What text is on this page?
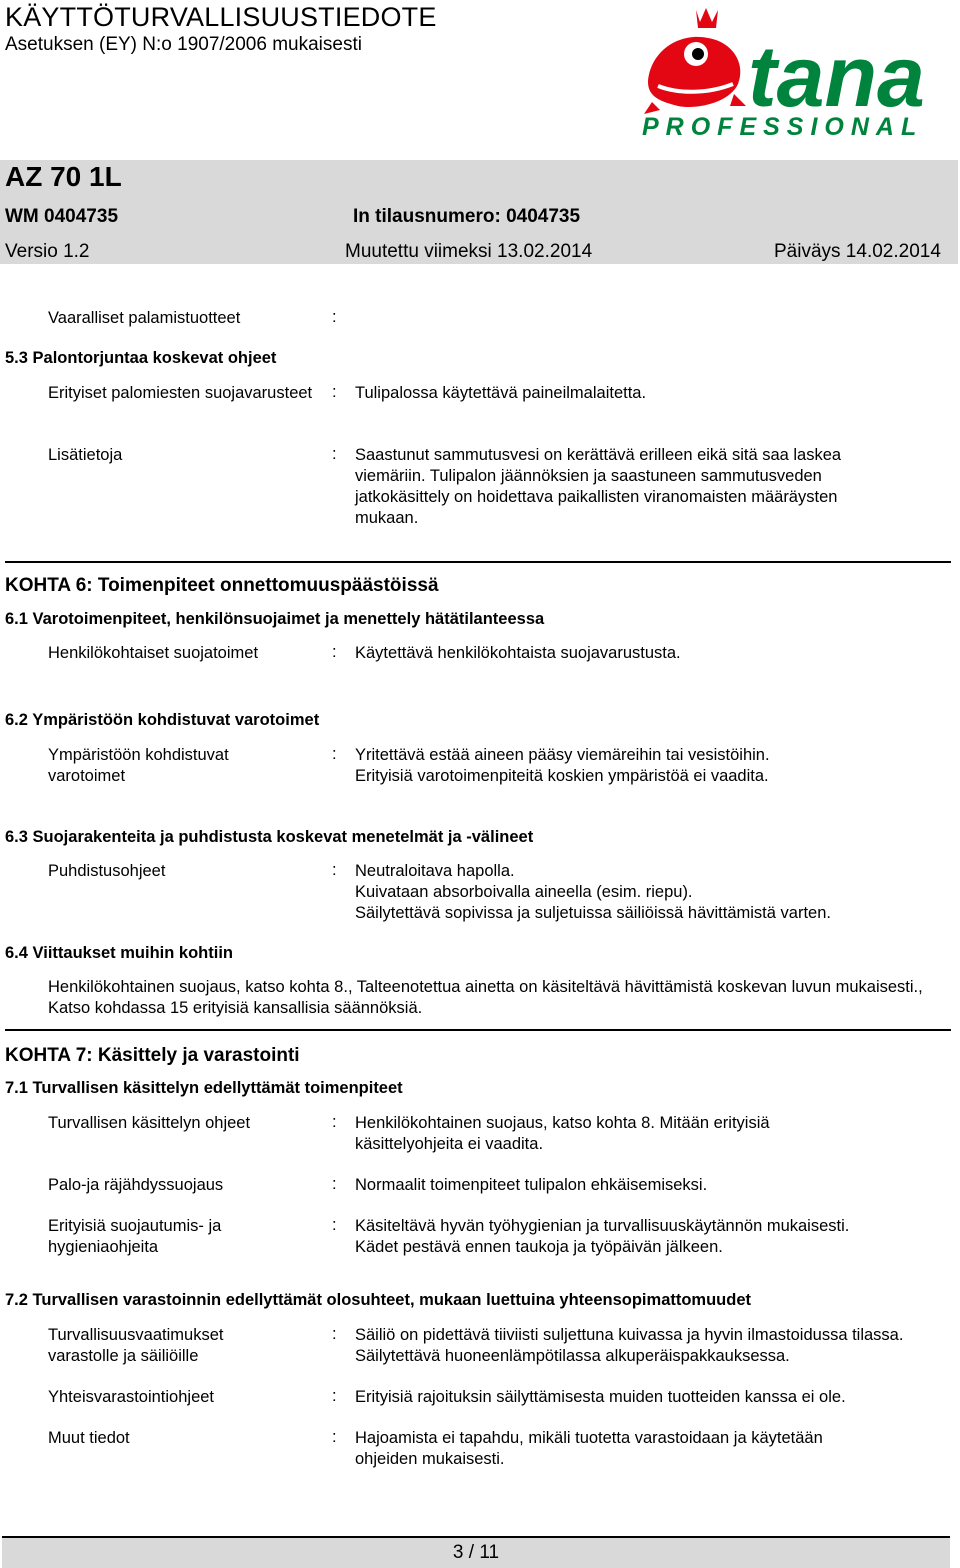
KÄYTTÖTURVALLISUUSTIEDOTE
Asetuksen (EY) N:o 1907/2006 mukaisesti	tana
PROFESSIONAL
AZ 70 1L
WM 0404735	In tilausnumero: 0404735
Versio 1.2	Muutettu viimeksi 13.02.2014	Päiväys 14.02.2014
Vaaralliset palamistuotteet	:
5.3 Palontorjuntaa koskevat ohjeet
Erityiset palomiesten suojavarusteet	: Tulipalossa käytettävä paineilmalaitetta.
Lisätietoja	: Saastunut sammutusvesi on kerättävä erilleen eikä sitä saa laskea viemäriin. Tulipalon jäännöksien ja saastuneen sammutusveden jatkokäsittely on hoidettava paikallisten viranomaisten määräysten mukaan.
KOHTA 6: Toimenpiteet onnettomuuspäästöissä
6.1 Varotoimenpiteet, henkilönsuojaimet ja menettely hätätilanteessa
Henkilökohtaiset suojatoimet	: Käytettävä henkilökohtaista suojavarustusta.
6.2 Ympäristöön kohdistuvat varotoimet
Ympäristöön kohdistuvat varotoimet
: Yritettävä estää aineen pääsy viemäreihin tai vesistöihin.
Erityisiä varotoimenpiteitä koskien ympäristöä ei vaadita.
6.3 Suojarakenteita ja puhdistusta koskevat menetelmät ja -välineet
Puhdistusohjeet	: Neutraloitava hapolla.
Kuivataan absorboivalla aineella (esim. riepu).
Säilytettävä sopivissa ja suljetuissa säiliöissä hävittämistä varten.
6.4 Viittaukset muihin kohtiin
Henkilökohtainen suojaus, katso kohta 8., Talteenotettua ainetta on käsiteltävä hävittämistä koskevan luvun mukaisesti., Katso kohdassa 15 erityisiä kansallisia säännöksiä.
KOHTA 7: Käsittely ja varastointi
7.1 Turvallisen käsittelyn edellyttämät toimenpiteet
Turvallisen käsittelyn ohjeet	: Henkilökohtainen suojaus, katso kohta 8. Mitään erityisiä käsittelyohjeita ei vaadita.
Palo-ja räjähdyssuojaus	: Normaalit toimenpiteet tulipalon ehkäisemiseksi.
Erityisiä suojautumis- ja hygieniaohjeita
: Käsiteltävä hyvän työhygienian ja turvallisuuskäytännön mukaisesti.
Kädet pestävä ennen taukoja ja työpäivän jälkeen.
7.2 Turvallisen varastoinnin edellyttämät olosuhteet, mukaan luettuina yhteensopimattomuudet
Turvallisuusvaatimukset varastolle ja säiliöille
: Säiliö on pidettävä tiiviisti suljettuna kuivassa ja hyvin ilmastoidussa tilassa. Säilytettävä huoneenlämpötilassa alkuperäispakkauksessa.
Yhteisvarastointiohjeet	: Erityisiä rajoituksin säilyttämisesta muiden tuotteiden kanssa ei ole.
Muut tiedot	: Hajoamista ei tapahdu, mikäli tuotetta varastoidaan ja käytetään ohjeiden mukaisesti.
3 / 11
